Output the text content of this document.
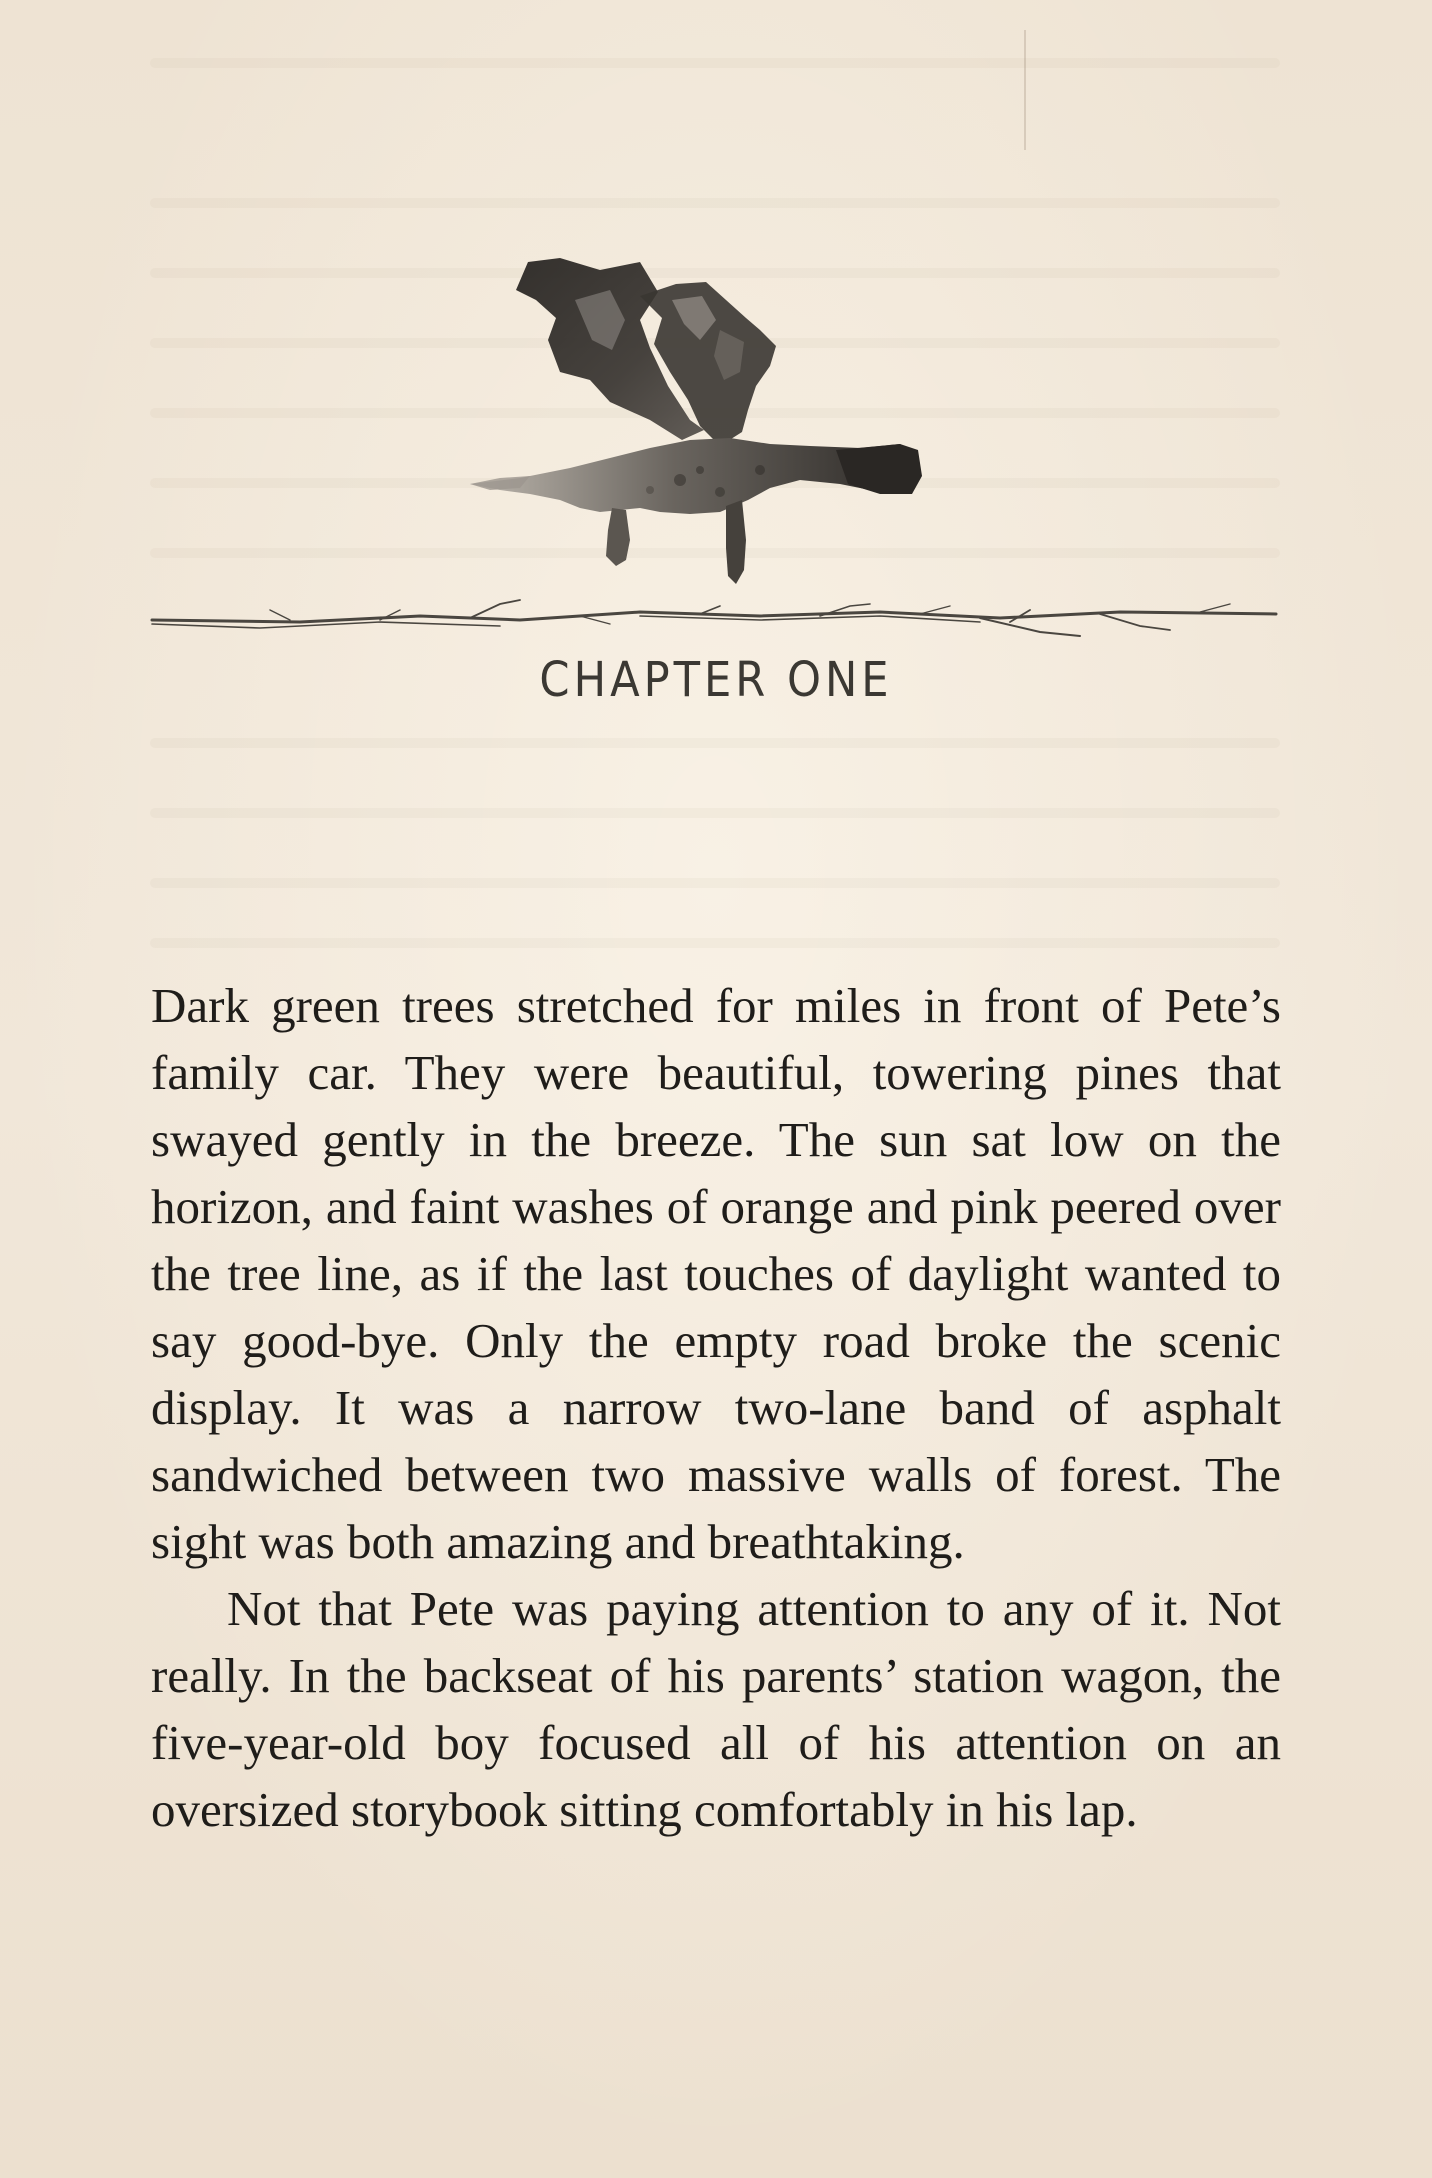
CHAPTER ONE

Dark green trees stretched for miles in front of Pete’s family car. They were beautiful, towering pines that swayed gently in the breeze. The sun sat low on the horizon, and faint washes of orange and pink peered over the tree line, as if the last touches of daylight wanted to say good-bye. Only the empty road broke the scenic display. It was a narrow two-lane band of asphalt sandwiched between two massive walls of forest. The sight was both amazing and breathtaking.

Not that Pete was paying attention to any of it. Not really. In the backseat of his parents’ station wagon, the five-year-old boy focused all of his attention on an oversized storybook sitting comfortably in his lap.
